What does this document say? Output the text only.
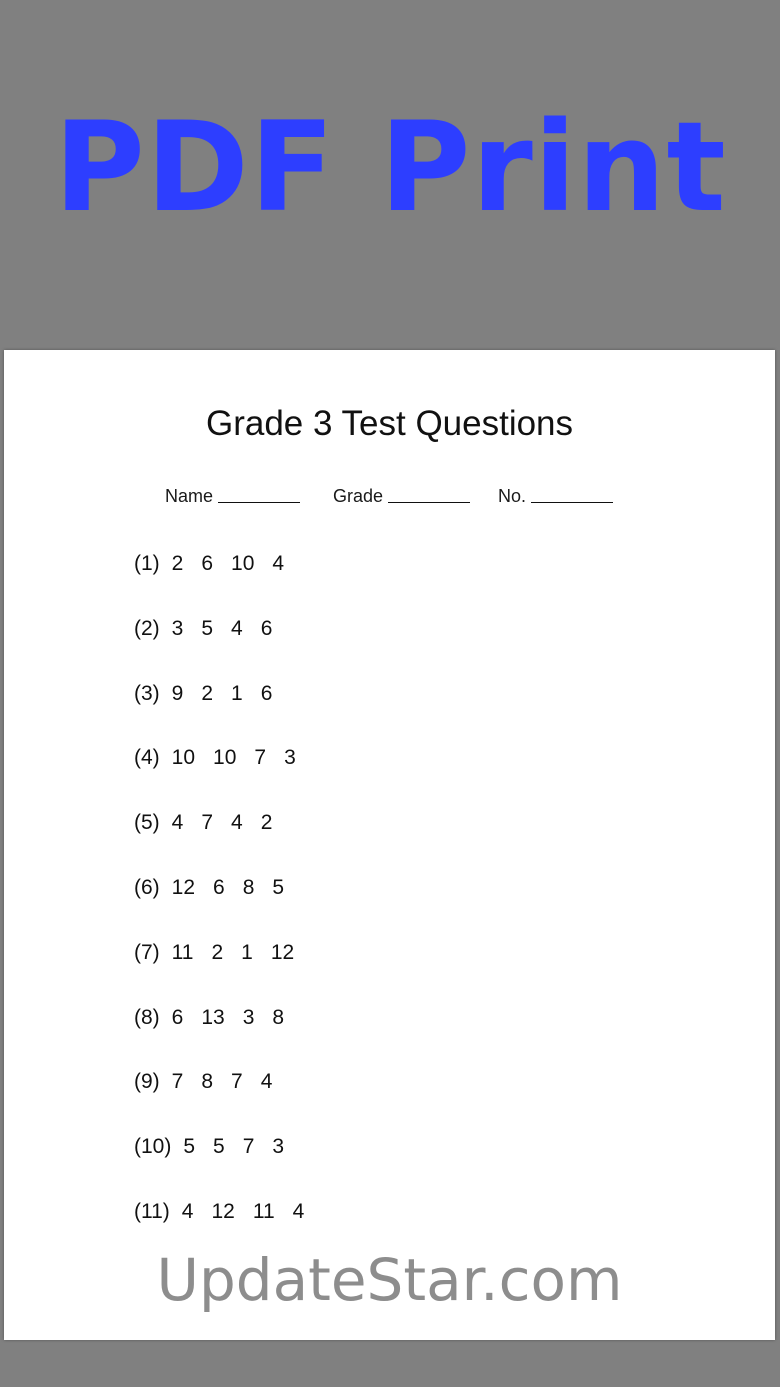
PDF Print
Grade 3 Test Questions
Name	Grade	No.
(1) 2 6 10 4
(2) 3 5 4 6
(3) 9 2 1 6
(4) 10 10 7 3
(5) 4 7 4 2
(6) 12 6 8 5
(7) 11 2 1 12
(8) 6 13 3 8
(9) 7 8 7 4
(10) 5 5 7 3
(11) 4 12 11 4
UpdateStar.com
